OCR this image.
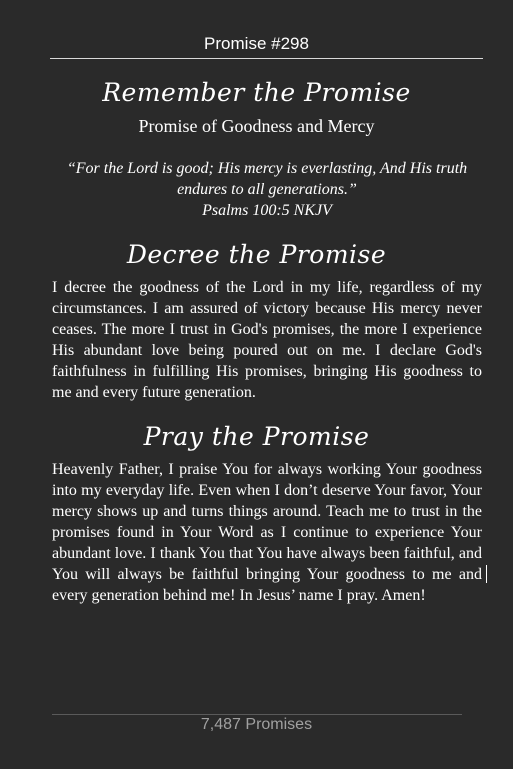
Promise #298
Remember the Promise
Promise of Goodness and Mercy
“For the Lord is good; His mercy is everlasting, And His truth endures to all generations.”
Psalms 100:5 NKJV
Decree the Promise
I decree the goodness of the Lord in my life, regardless of my circumstances. I am assured of victory because His mercy never ceases. The more I trust in God's promises, the more I experience His abundant love being poured out on me. I declare God's faithfulness in fulfilling His promises, bringing His goodness to me and every future generation.
Pray the Promise
Heavenly Father, I praise You for always working Your goodness into my everyday life. Even when I don’t deserve Your favor, Your mercy shows up and turns things around. Teach me to trust in the promises found in Your Word as I continue to experience Your abundant love. I thank You that You have always been faithful, and You will always be faithful bringing Your goodness to me and every generation behind me! In Jesus’ name I pray. Amen!
7,487 Promises
